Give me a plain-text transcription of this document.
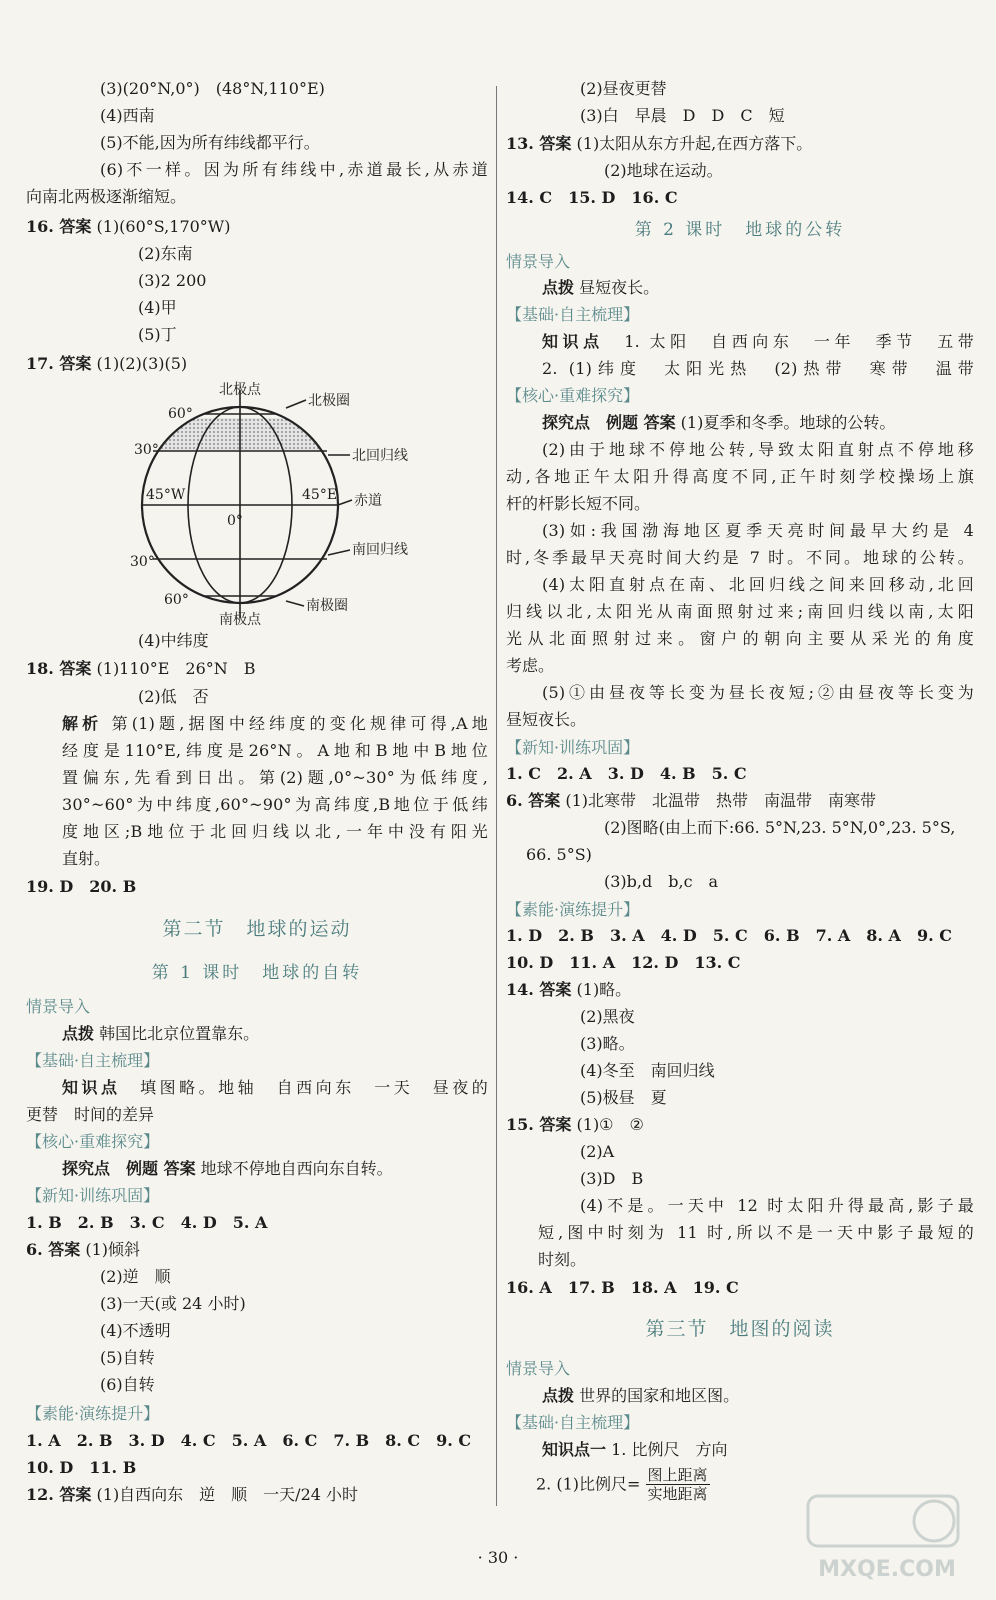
(3)(20°N,0°)　(48°N,110°E)
(4)西南
(5)不能,因为所有纬线都平行。
(6)不一样。因为所有纬线中,赤道最长,从赤道
向南北两极逐渐缩短。
16. 答案 (1)(60°S,170°W)
(2)东南
(3)2 200
(4)甲
(5)丁
17. 答案 (1)(2)(3)(5)
(4)中纬度
18. 答案 (1)110°E　26°N　B
(2)低　否
解析 第(1)题,据图中经纬度的变化规律可得,A地
经度是110°E,纬度是26°N。A地和B地中B地位
置偏东,先看到日出。第(2)题,0°~30°为低纬度,
30°~60°为中纬度,60°~90°为高纬度,B地位于低纬
度地区;B地位于北回归线以北,一年中没有阳光
直射。
19. D　20. B
第二节　地球的运动
第 1 课时　地球的自转
情景导入
点拨 韩国比北京位置靠东。
【基础·自主梳理】
知识点　 填图略。地轴　自西向东　一天　昼夜的
更替　时间的差异
【核心·重难探究】
探究点　例题 答案 地球不停地自西向东自转。
【新知·训练巩固】
1. B　2. B　3. C　4. D　5. A
6. 答案 (1)倾斜
(2)逆　顺
(3)一天(或 24 小时)
(4)不透明
(5)自转
(6)自转
【素能·演练提升】
1. A　2. B　3. D　4. C　5. A　6. C　7. B　8. C　9. C
10. D　11. B
12. 答案 (1)自西向东　逆　顺　一天/24 小时
北极点
北极圈
北回归线
赤道
南回归线
南极圈
南极点
60°
30°
30°
60°
45°W	45°E
0°
(2)昼夜更替
(3)白　早晨　D　D　C　短
13. 答案 (1)太阳从东方升起,在西方落下。
(2)地球在运动。
14. C　15. D　16. C
第 2 课时　地球的公转
情景导入
点拨 昼短夜长。
【基础·自主梳理】
知识点　 1. 太阳　自西向东　一年　季节　五带
2. (1)纬度　太阳光热　(2)热带　寒带　温带
【核心·重难探究】
探究点　例题 答案 (1)夏季和冬季。地球的公转。
(2)由于地球不停地公转,导致太阳直射点不停地移
动,各地正午太阳升得高度不同,正午时刻学校操场上旗
杆的杆影长短不同。
(3)如:我国渤海地区夏季天亮时间最早大约是 4
时,冬季最早天亮时间大约是 7 时。不同。地球的公转。
(4)太阳直射点在南、北回归线之间来回移动,北回
归线以北,太阳光从南面照射过来;南回归线以南,太阳
光从北面照射过来。窗户的朝向主要从采光的角度
考虑。
(5)①由昼夜等长变为昼长夜短;②由昼夜等长变为
昼短夜长。
【新知·训练巩固】
1. C　2. A　3. D　4. B　5. C
6. 答案 (1)北寒带　北温带　热带　南温带　南寒带
(2)图略(由上而下:66. 5°N,23. 5°N,0°,23. 5°S,
66. 5°S)
(3)b,d　b,c　a
【素能·演练提升】
1. D　2. B　3. A　4. D　5. C　6. B　7. A　8. A　9. C
10. D　11. A　12. D　13. C
14. 答案 (1)略。
(2)黑夜
(3)略。
(4)冬至　南回归线
(5)极昼　夏
15. 答案 (1)①　②
(2)A
(3)D　B
(4)不是。一天中 12 时太阳升得最高,影子最
短,图中时刻为 11 时,所以不是一天中影子最短的
时刻。
16. A　17. B　18. A　19. C
第三节　地图的阅读
情景导入
点拨 世界的国家和地区图。
【基础·自主梳理】
知识点一 1. 比例尺　方向
2. (1)比例尺= $\frac{\text{图上距离}}{\text{实地距离}}$
· 30 ·	MXQE.COM
